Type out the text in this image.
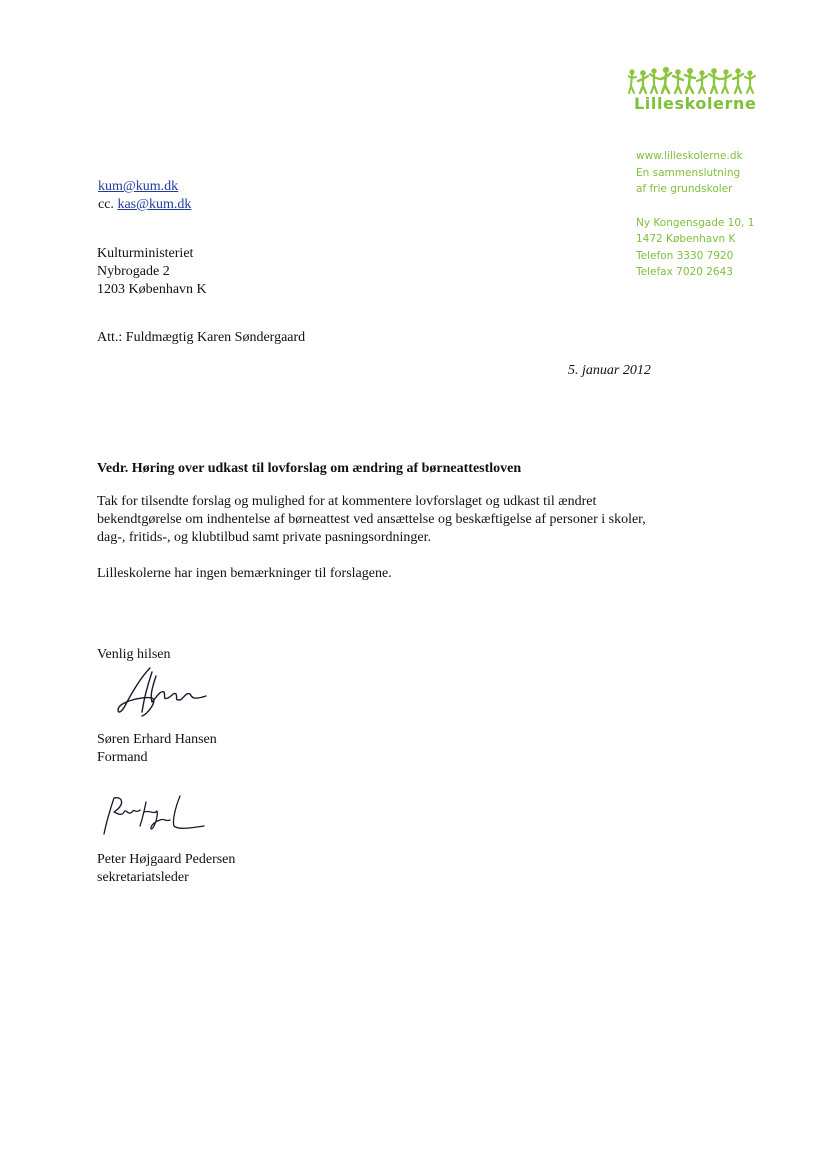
Lilleskolerne
www.lilleskolerne.dk
En sammenslutning
af frie grundskoler
Ny Kongensgade 10, 1
1472 København K
Telefon 3330 7920
Telefax 7020 2643
kum@kum.dk
cc. kas@kum.dk
Kulturministeriet
Nybrogade 2
1203 København K
Att.: Fuldmægtig Karen Søndergaard
5. januar 2012
Vedr. Høring over udkast til lovforslag om ændring af børneattestloven

Tak for tilsendte forslag og mulighed for at kommentere lovforslaget og udkast til ændret bekendtgørelse om indhentelse af børneattest ved ansættelse og beskæftigelse af personer i skoler, dag-, fritids-, og klubtilbud samt private pasningsordninger.

Lilleskolerne har ingen bemærkninger til forslagene.

Venlig hilsen
Søren Erhard Hansen
Formand
Peter Højgaard Pedersen
sekretariatsleder
